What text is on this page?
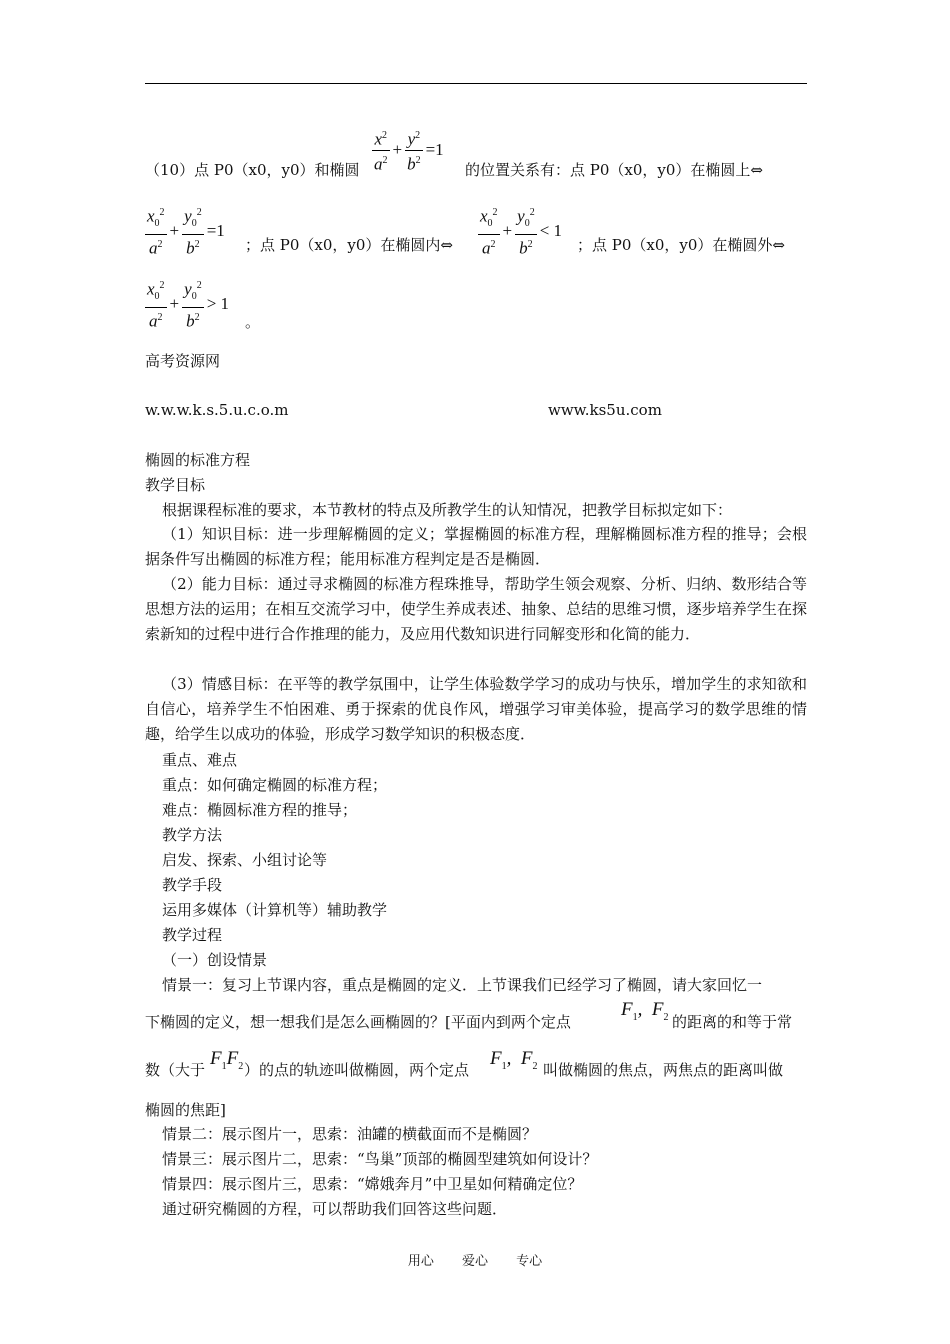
（10）点 P0（x0，y0）和椭圆 $\frac{x^2}{a^2} + \frac{y^2}{b^2} =1$
的位置关系有：点 P0（x0，y0）在椭圆上⇔
$\frac{x_0^2}{a^2} + \frac{y_0^2}{b^2} =1$
；点 P0（x0，y0）在椭圆内⇔ $\frac{x_0^2}{a^2} + \frac{y_0^2}{b^2} < 1$
；点 P0（x0，y0）在椭圆外⇔
$\frac{x_0^2}{a^2} + \frac{y_0^2}{b^2} > 1$
。
高考资源网
w.w.w.k.s.5.u.c.o.m	www.ks5u.com
椭圆的标准方程
教学目标
根据课程标准的要求，本节教材的特点及所教学生的认知情况，把教学目标拟定如下：
（1）知识目标：进一步理解椭圆的定义；掌握椭圆的标准方程，理解椭圆标准方程的推导；会根据条件写出椭圆的标准方程；能用标准方程判定是否是椭圆．
（2）能力目标：通过寻求椭圆的标准方程珠推导，帮助学生领会观察、分析、归纳、数形结合等思想方法的运用；在相互交流学习中，使学生养成表述、抽象、总结的思维习惯，逐步培养学生在探索新知的过程中进行合作推理的能力，及应用代数知识进行同解变形和化简的能力．
（3）情感目标：在平等的教学氛围中，让学生体验数学学习的成功与快乐，增加学生的求知欲和自信心，培养学生不怕困难、勇于探索的优良作风，增强学习审美体验，提高学习的数学思维的情趣，给学生以成功的体验，形成学习数学知识的积极态度．
重点、难点
重点：如何确定椭圆的标准方程；
难点：椭圆标准方程的推导；
教学方法
启发、探索、小组讨论等
教学手段
运用多媒体（计算机等）辅助教学
教学过程
（一）创设情景
情景一：复习上节课内容，重点是椭圆的定义．上节课我们已经学习了椭圆，请大家回忆一
下椭圆的定义，想一想我们是怎么画椭圆的？[平面内到两个定点
$F_1$,  $F_2$ 的距离的和等于常
数（大于
$F_1F_2$ ）的点的轨迹叫做椭圆，两个定点
$F_1$,  $F_2$ 叫做椭圆的焦点，两焦点的距离叫做
椭圆的焦距]
情景二：展示图片一，思索：油罐的横截面而不是椭圆？
情景三：展示图片二，思索：“鸟巢”顶部的椭圆型建筑如何设计？
情景四：展示图片三，思索：“嫦娥奔月”中卫星如何精确定位？
通过研究椭圆的方程，可以帮助我们回答这些问题．
用心 爱心 专心
